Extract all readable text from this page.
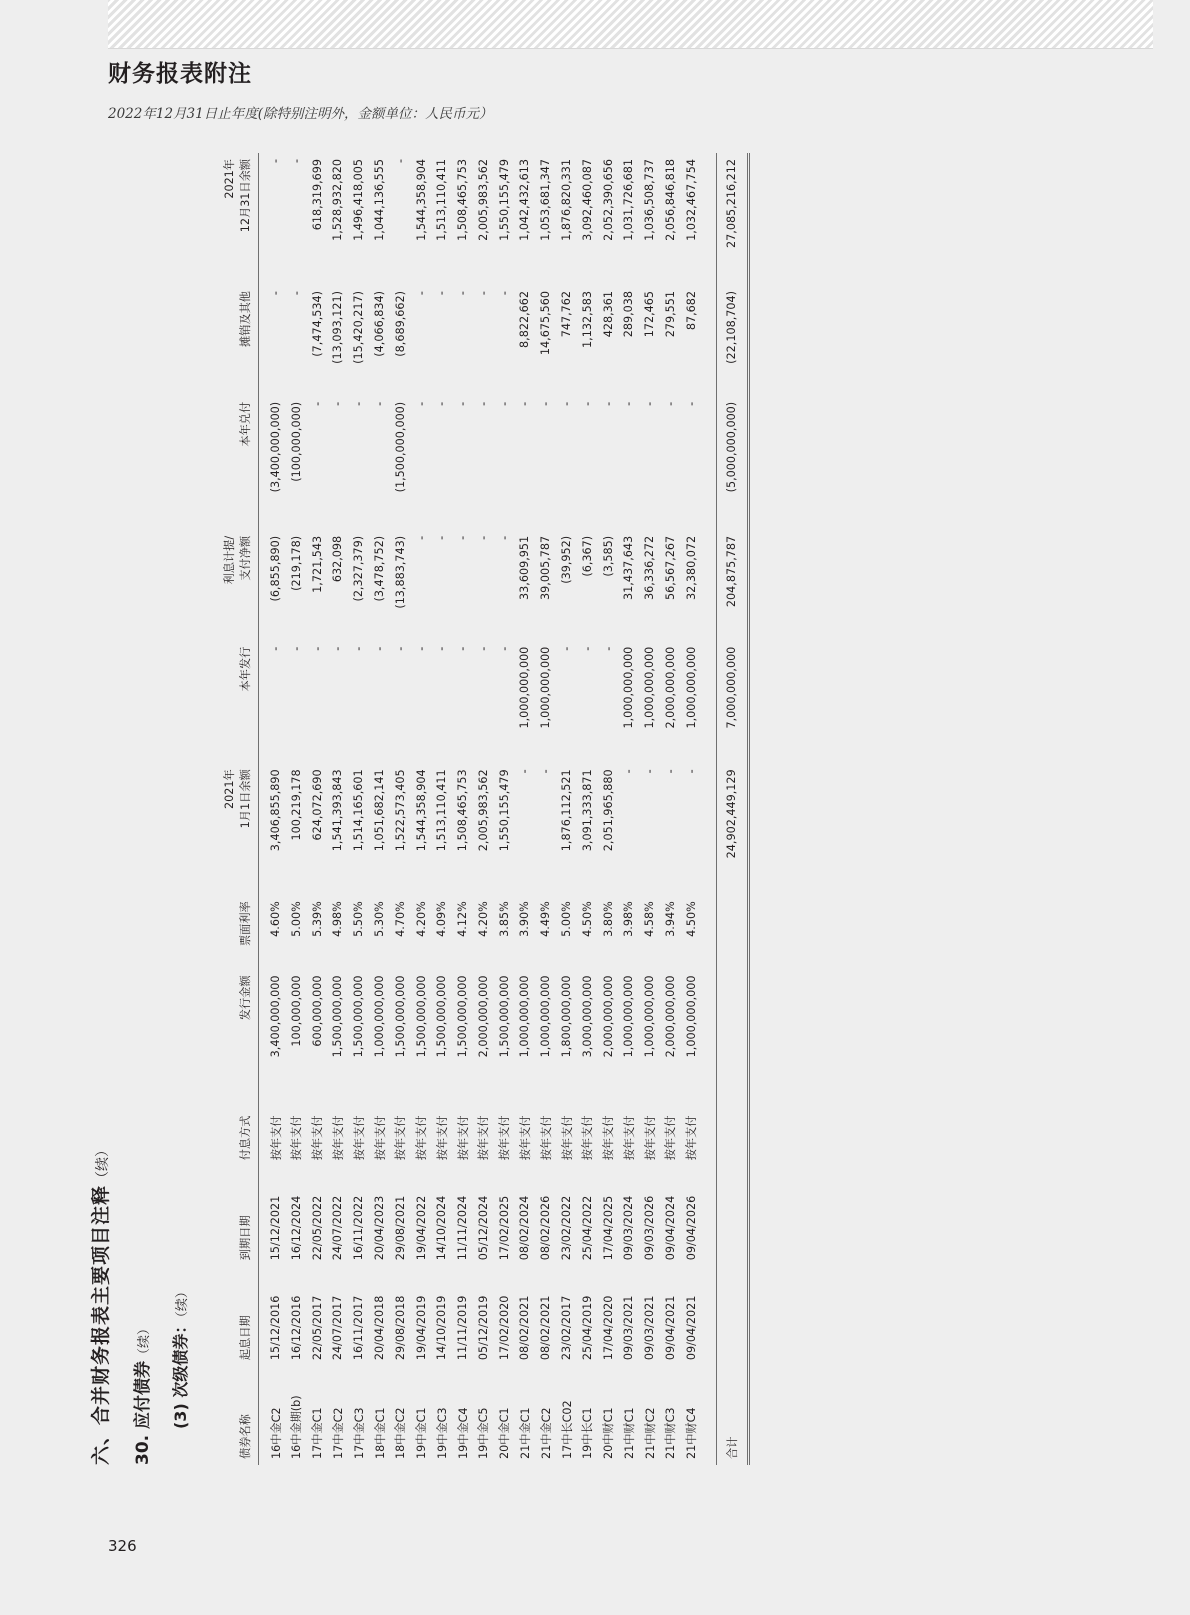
财务报表附注

2022年12月31日止年度(除特别注明外，金额单位：人民币元）

326
六、合并财务报表主要项目注释（续）
30. 应付债券（续） (3) 次级债券：（续）
债券名称	起息日期	到期日期	付息方式	发行金额	票面利率	2021年 1月1日余额	本年发行	利息计提/ 支付净额	本年兑付	摊销及其他	2021年 12月31日余额

16中金C2	15/12/2016	15/12/2021	按年支付	3,400,000,000	4.60%	3,406,855,890	-	(6,855,890)	(3,400,000,000)	-	-
16中金期(b)	16/12/2016	16/12/2024	按年支付	100,000,000	5.00%	100,219,178	-	(219,178)	(100,000,000)	-	-
17中金C1	22/05/2017	22/05/2022	按年支付	600,000,000	5.39%	624,072,690	-	1,721,543	-	(7,474,534)	618,319,699
17中金C2	24/07/2017	24/07/2022	按年支付	1,500,000,000	4.98%	1,541,393,843	-	632,098	-	(13,093,121)	1,528,932,820
17中金C3	16/11/2017	16/11/2022	按年支付	1,500,000,000	5.50%	1,514,165,601	-	(2,327,379)	-	(15,420,217)	1,496,418,005
18中金C1	20/04/2018	20/04/2023	按年支付	1,000,000,000	5.30%	1,051,682,141	-	(3,478,752)	-	(4,066,834)	1,044,136,555
18中金C2	29/08/2018	29/08/2021	按年支付	1,500,000,000	4.70%	1,522,573,405	-	(13,883,743)	(1,500,000,000)	(8,689,662)	-
19中金C1	19/04/2019	19/04/2022	按年支付	1,500,000,000	4.20%	1,544,358,904	-	-	-	-	1,544,358,904
19中金C3	14/10/2019	14/10/2024	按年支付	1,500,000,000	4.09%	1,513,110,411	-	-	-	-	1,513,110,411
19中金C4	11/11/2019	11/11/2024	按年支付	1,500,000,000	4.12%	1,508,465,753	-	-	-	-	1,508,465,753
19中金C5	05/12/2019	05/12/2024	按年支付	2,000,000,000	4.20%	2,005,983,562	-	-	-	-	2,005,983,562
20中金C1	17/02/2020	17/02/2025	按年支付	1,500,000,000	3.85%	1,550,155,479	-	-	-	-	1,550,155,479
21中金C1	08/02/2021	08/02/2024	按年支付	1,000,000,000	3.90%	-	1,000,000,000	33,609,951	-	8,822,662	1,042,432,613
21中金C2	08/02/2021	08/02/2026	按年支付	1,000,000,000	4.49%	-	1,000,000,000	39,005,787	-	14,675,560	1,053,681,347
17中长C02	23/02/2017	23/02/2022	按年支付	1,800,000,000	5.00%	1,876,112,521	-	(39,952)	-	747,762	1,876,820,331
19中长C1	25/04/2019	25/04/2022	按年支付	3,000,000,000	4.50%	3,091,333,871	-	(6,367)	-	1,132,583	3,092,460,087
20中财C1	17/04/2020	17/04/2025	按年支付	2,000,000,000	3.80%	2,051,965,880	-	(3,585)	-	428,361	2,052,390,656
21中财C1	09/03/2021	09/03/2024	按年支付	1,000,000,000	3.98%	-	1,000,000,000	31,437,643	-	289,038	1,031,726,681
21中财C2	09/03/2021	09/03/2026	按年支付	1,000,000,000	4.58%	-	1,000,000,000	36,336,272	-	172,465	1,036,508,737
21中财C3	09/04/2021	09/04/2024	按年支付	2,000,000,000	3.94%	-	2,000,000,000	56,567,267	-	279,551	2,056,846,818
21中财C4	09/04/2021	09/04/2026	按年支付	1,000,000,000	4.50%	-	1,000,000,000	32,380,072	-	87,682	1,032,467,754

合计						24,902,449,129	7,000,000,000	204,875,787	(5,000,000,000)	(22,108,704)	27,085,216,212
